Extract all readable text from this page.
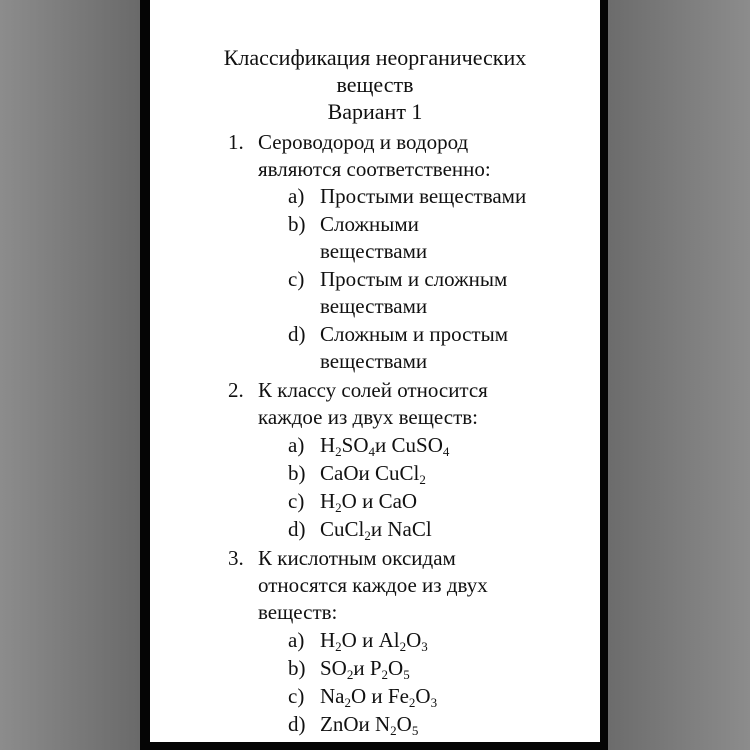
Классификация неорганических
веществ
Вариант 1
1. Сероводород и водород
являются соответственно:
a) Простыми веществами
b) Сложными
веществами
c) Простым и сложным
веществами
d) Сложным и простым
веществами
2. К классу солей относится
каждое из двух веществ:
a) $H_2SO_4и$ CuSO$_4$
b) CaOи CuCl$_2$
c) $H_2O$ и CaO
d) CuCl$_2$и NaCl
3. К кислотным оксидам
относятся каждое из двух
веществ:
a) $H_2O$ и $Al_2O_3$
b) $SO_2и$ $P_2O_5$
c) $Na_2O$ и $Fe_2O_3$
d) ZnOи $N_2O_5$
